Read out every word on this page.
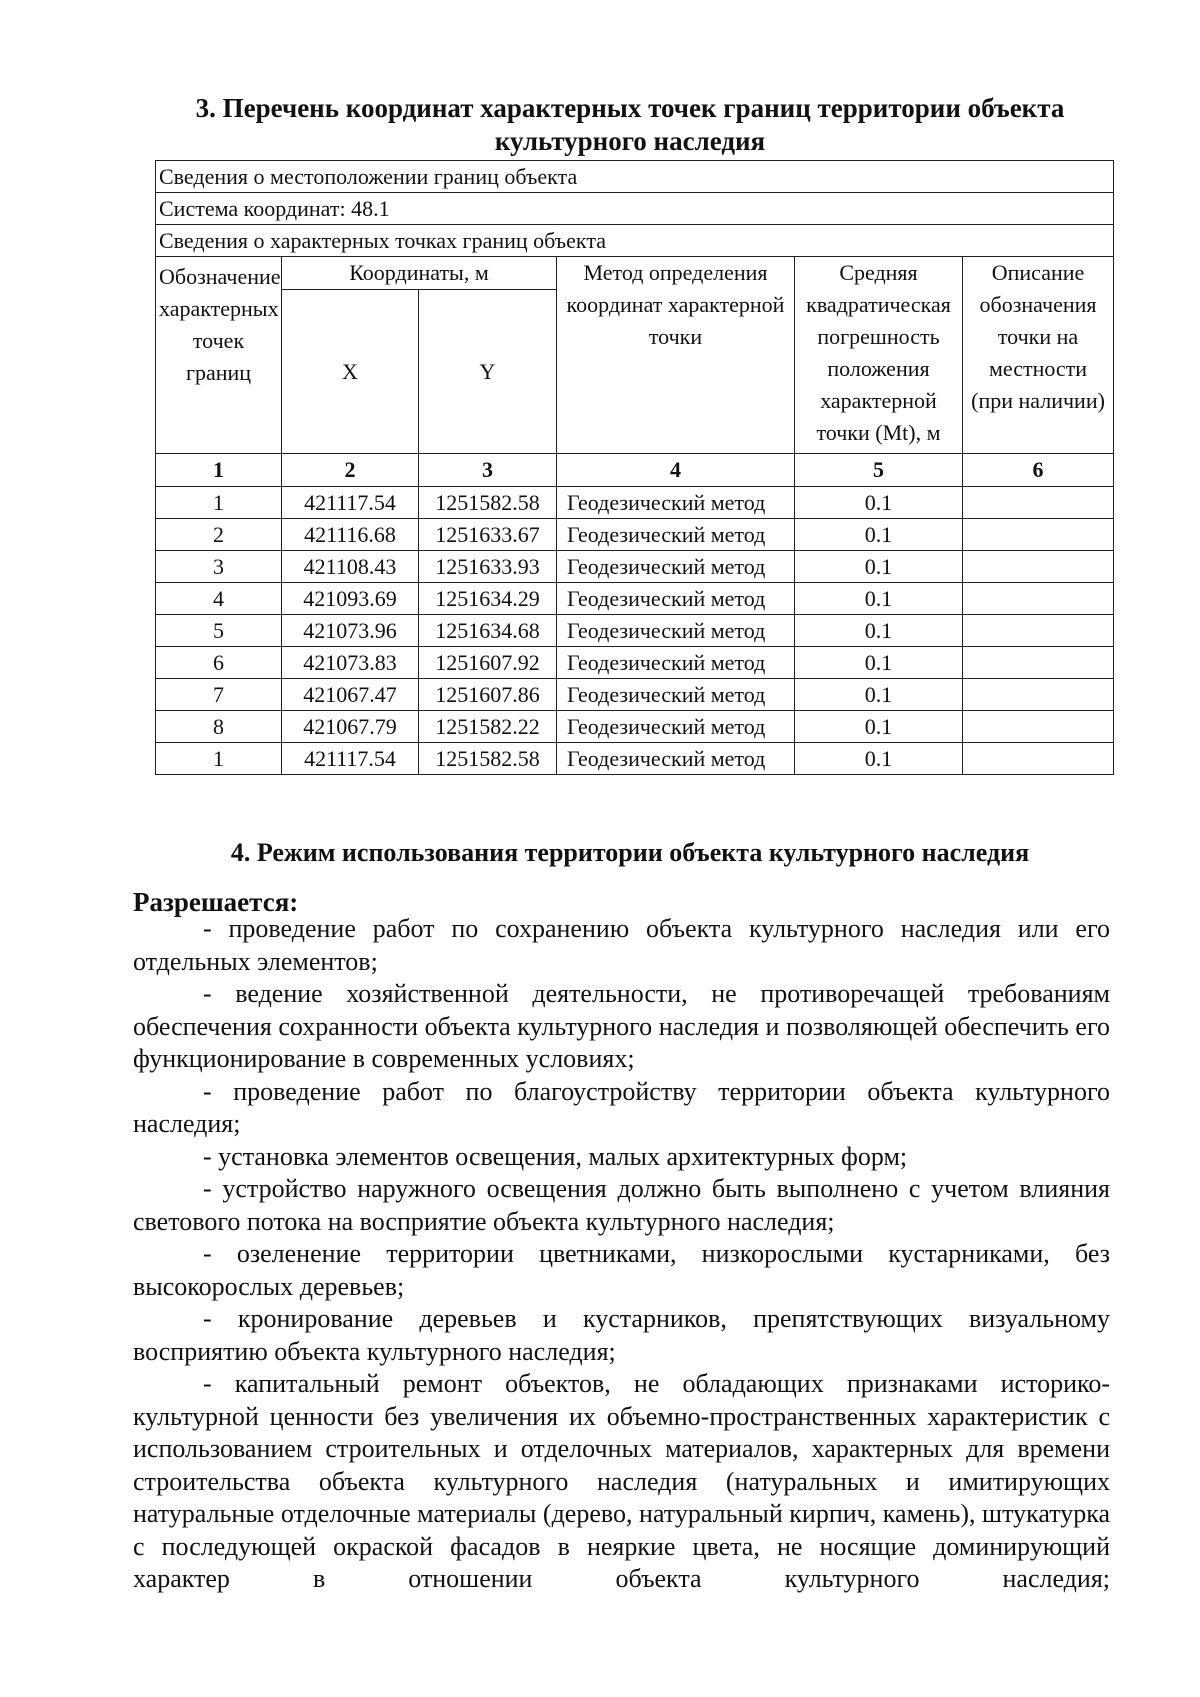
3. Перечень координат характерных точек границ территории объекта культурного наследия
Сведения о местоположении границ объекта					
Система координат: 48.1					
Сведения о характерных точках границ объекта					
Обозначение характерных точек границ	Координаты, м		Метод определения координат характерной точки	Средняя квадратическая погрешность положения характерной точки (Mt), м	Описание обозначения точки на местности (при наличии)
	X	Y			
1	2	3	4	5	6
1	421117.54	1251582.58	Геодезический метод	0.1	
2	421116.68	1251633.67	Геодезический метод	0.1	
3	421108.43	1251633.93	Геодезический метод	0.1	
4	421093.69	1251634.29	Геодезический метод	0.1	
5	421073.96	1251634.68	Геодезический метод	0.1	
6	421073.83	1251607.92	Геодезический метод	0.1	
7	421067.47	1251607.86	Геодезический метод	0.1	
8	421067.79	1251582.22	Геодезический метод	0.1	
1	421117.54	1251582.58	Геодезический метод	0.1	
4. Режим использования территории объекта культурного наследия
Разрешается:

- проведение работ по сохранению объекта культурного наследия или его отдельных элементов;

- ведение хозяйственной деятельности, не противоречащей требованиям обеспечения сохранности объекта культурного наследия и позволяющей обеспечить его функционирование в современных условиях;

- проведение работ по благоустройству территории объекта культурного наследия;

- установка элементов освещения, малых архитектурных форм;

- устройство наружного освещения должно быть выполнено с учетом влияния светового потока на восприятие объекта культурного наследия;

- озеленение территории цветниками, низкорослыми кустарниками, без высокорослых деревьев;

- кронирование деревьев и кустарников, препятствующих визуальному восприятию объекта культурного наследия;

- капитальный ремонт объектов, не обладающих признаками историко-культурной ценности без увеличения их объемно-пространственных характеристик с использованием строительных и отделочных материалов, характерных для времени строительства объекта культурного наследия (натуральных и имитирующих натуральные отделочные материалы (дерево, натуральный кирпич, камень), штукатурка с последующей окраской фасадов в неяркие цвета, не носящие доминирующий характер в отношении объекта культурного наследия;
